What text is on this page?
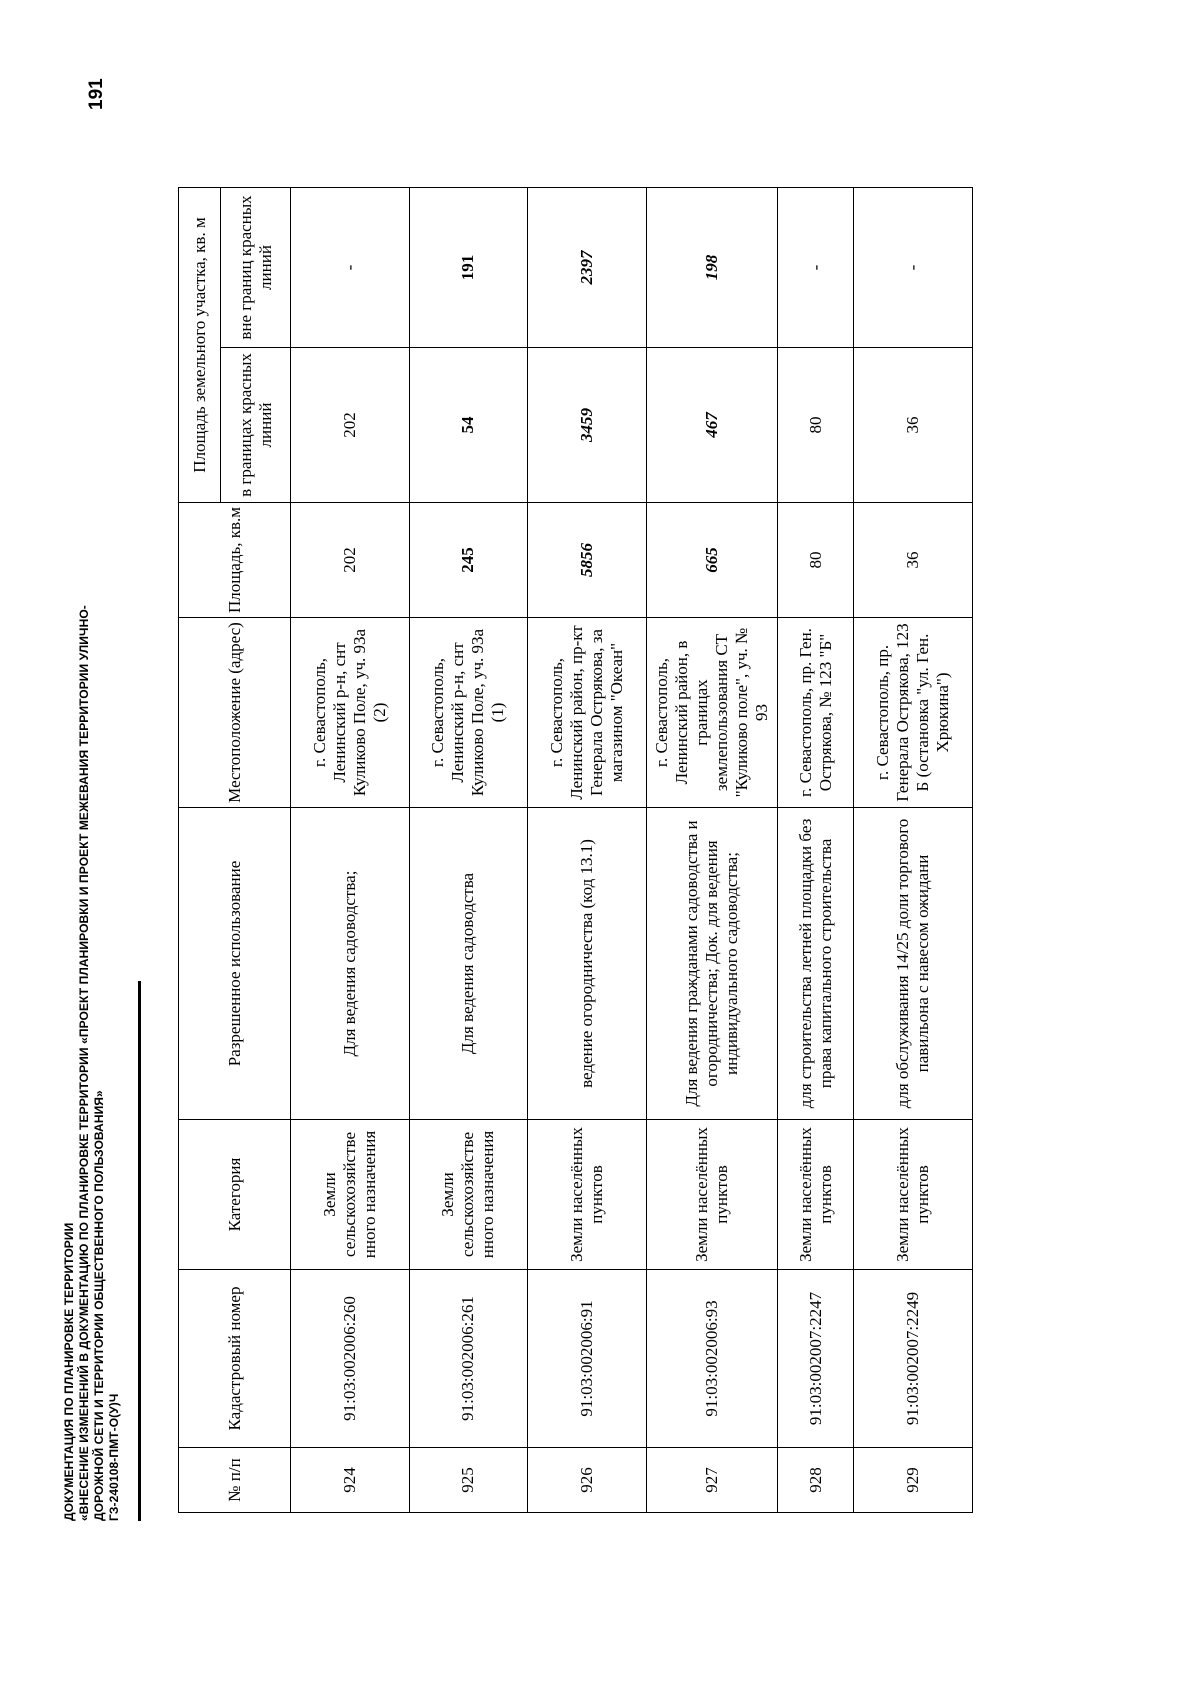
ДОКУМЕНТАЦИЯ ПО ПЛАНИРОВКЕ ТЕРРИТОРИИ «ВНЕСЕНИЕ ИЗМЕНЕНИЙ В ДОКУМЕНТАЦИЮ ПО ПЛАНИРОВКЕ ТЕРРИТОРИИ «ПРОЕКТ ПЛАНИРОВКИ И ПРОЕКТ МЕЖЕВАНИЯ ТЕРРИТОРИИ УЛИЧНО- ДОРОЖНОЙ СЕТИ И ТЕРРИТОРИИ ОБЩЕСТВЕННОГО ПОЛЬЗОВАНИЯ» ГЗ-240108-ПМТ-О(У)Ч
191
№ п/п	Кадастровый номер	Категория	Разрешенное использование	Местоположение (адрес)	Площадь, кв.м	Площадь земельного участка, кв. м	
						в границах красных линий	вне границ красных линий
924	91:03:002006:260	Земли сельскохозяйстве нного назначения	Для ведения садоводства;	г. Севастополь, Ленинский р-н, снт Куликово Поле, уч. 93а (2)	202	202	-
925	91:03:002006:261	Земли сельскохозяйстве нного назначения	Для ведения садоводства	г. Севастополь, Ленинский р-н, снт Куликово Поле, уч. 93а (1)	245	54	191
926	91:03:002006:91	Земли населённых пунктов	ведение огородничества (код 13.1)	г. Севастополь, Ленинский район, пр-кт Генерала Острякова, за магазином "Океан"	5856	3459	2397
927	91:03:002006:93	Земли населённых пунктов	Для ведения гражданами садоводства и огородничества; Док. для ведения индивидуального садоводства;	г. Севастополь, Ленинский район, в границах землепользования СТ "Куликово поле", уч. № 93	665	467	198
928	91:03:002007:2247	Земли населённых пунктов	для строительства летней площадки без права капитального строительства	г. Севастополь, пр. Ген. Острякова, № 123 "Б"	80	80	-
929	91:03:002007:2249	Земли населённых пунктов	для обслуживания 14/25 доли торгового павильона с навесом ожидани	г. Севастополь, пр. Генерала Острякова, 123 Б (остановка "ул. Ген. Хрюкина")	36	36	-
